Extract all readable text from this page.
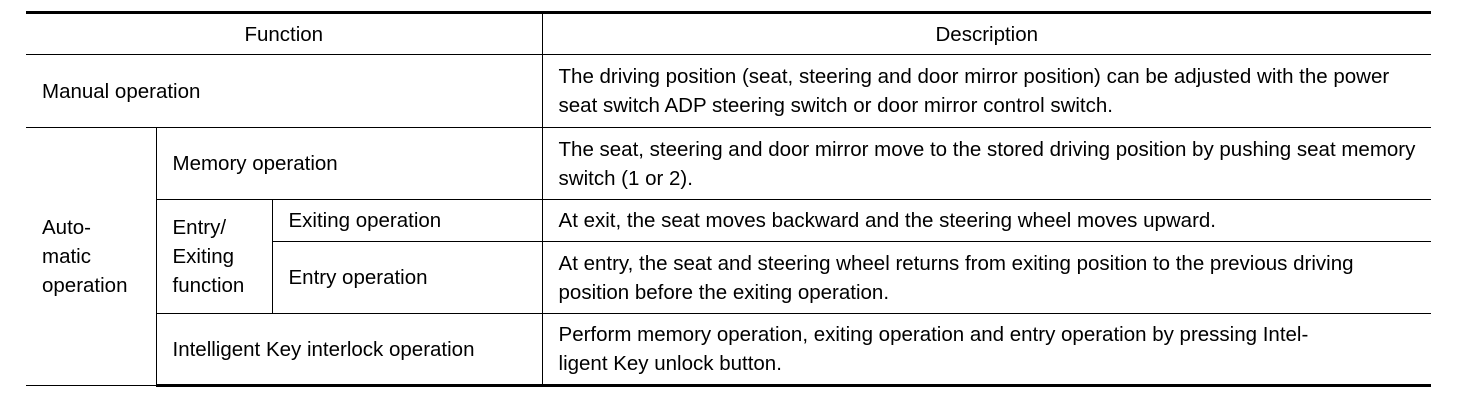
Function			Description
Manual operation			The driving position (seat, steering and door mirror position) can be adjusted with the power seat switch ADP steering switch or door mirror control switch.
Auto-
matic
operation	Memory operation		The seat, steering and door mirror move to the stored driving position by pushing seat memory switch (1 or 2).
	Entry/
Exiting
function	Exiting operation	At exit, the seat moves backward and the steering wheel moves upward.
		Entry operation	At entry, the seat and steering wheel returns from exiting position to the previous driving position before the exiting operation.
	Intelligent Key interlock operation		Perform memory operation, exiting operation and entry operation by pressing Intel-
ligent Key unlock button.
